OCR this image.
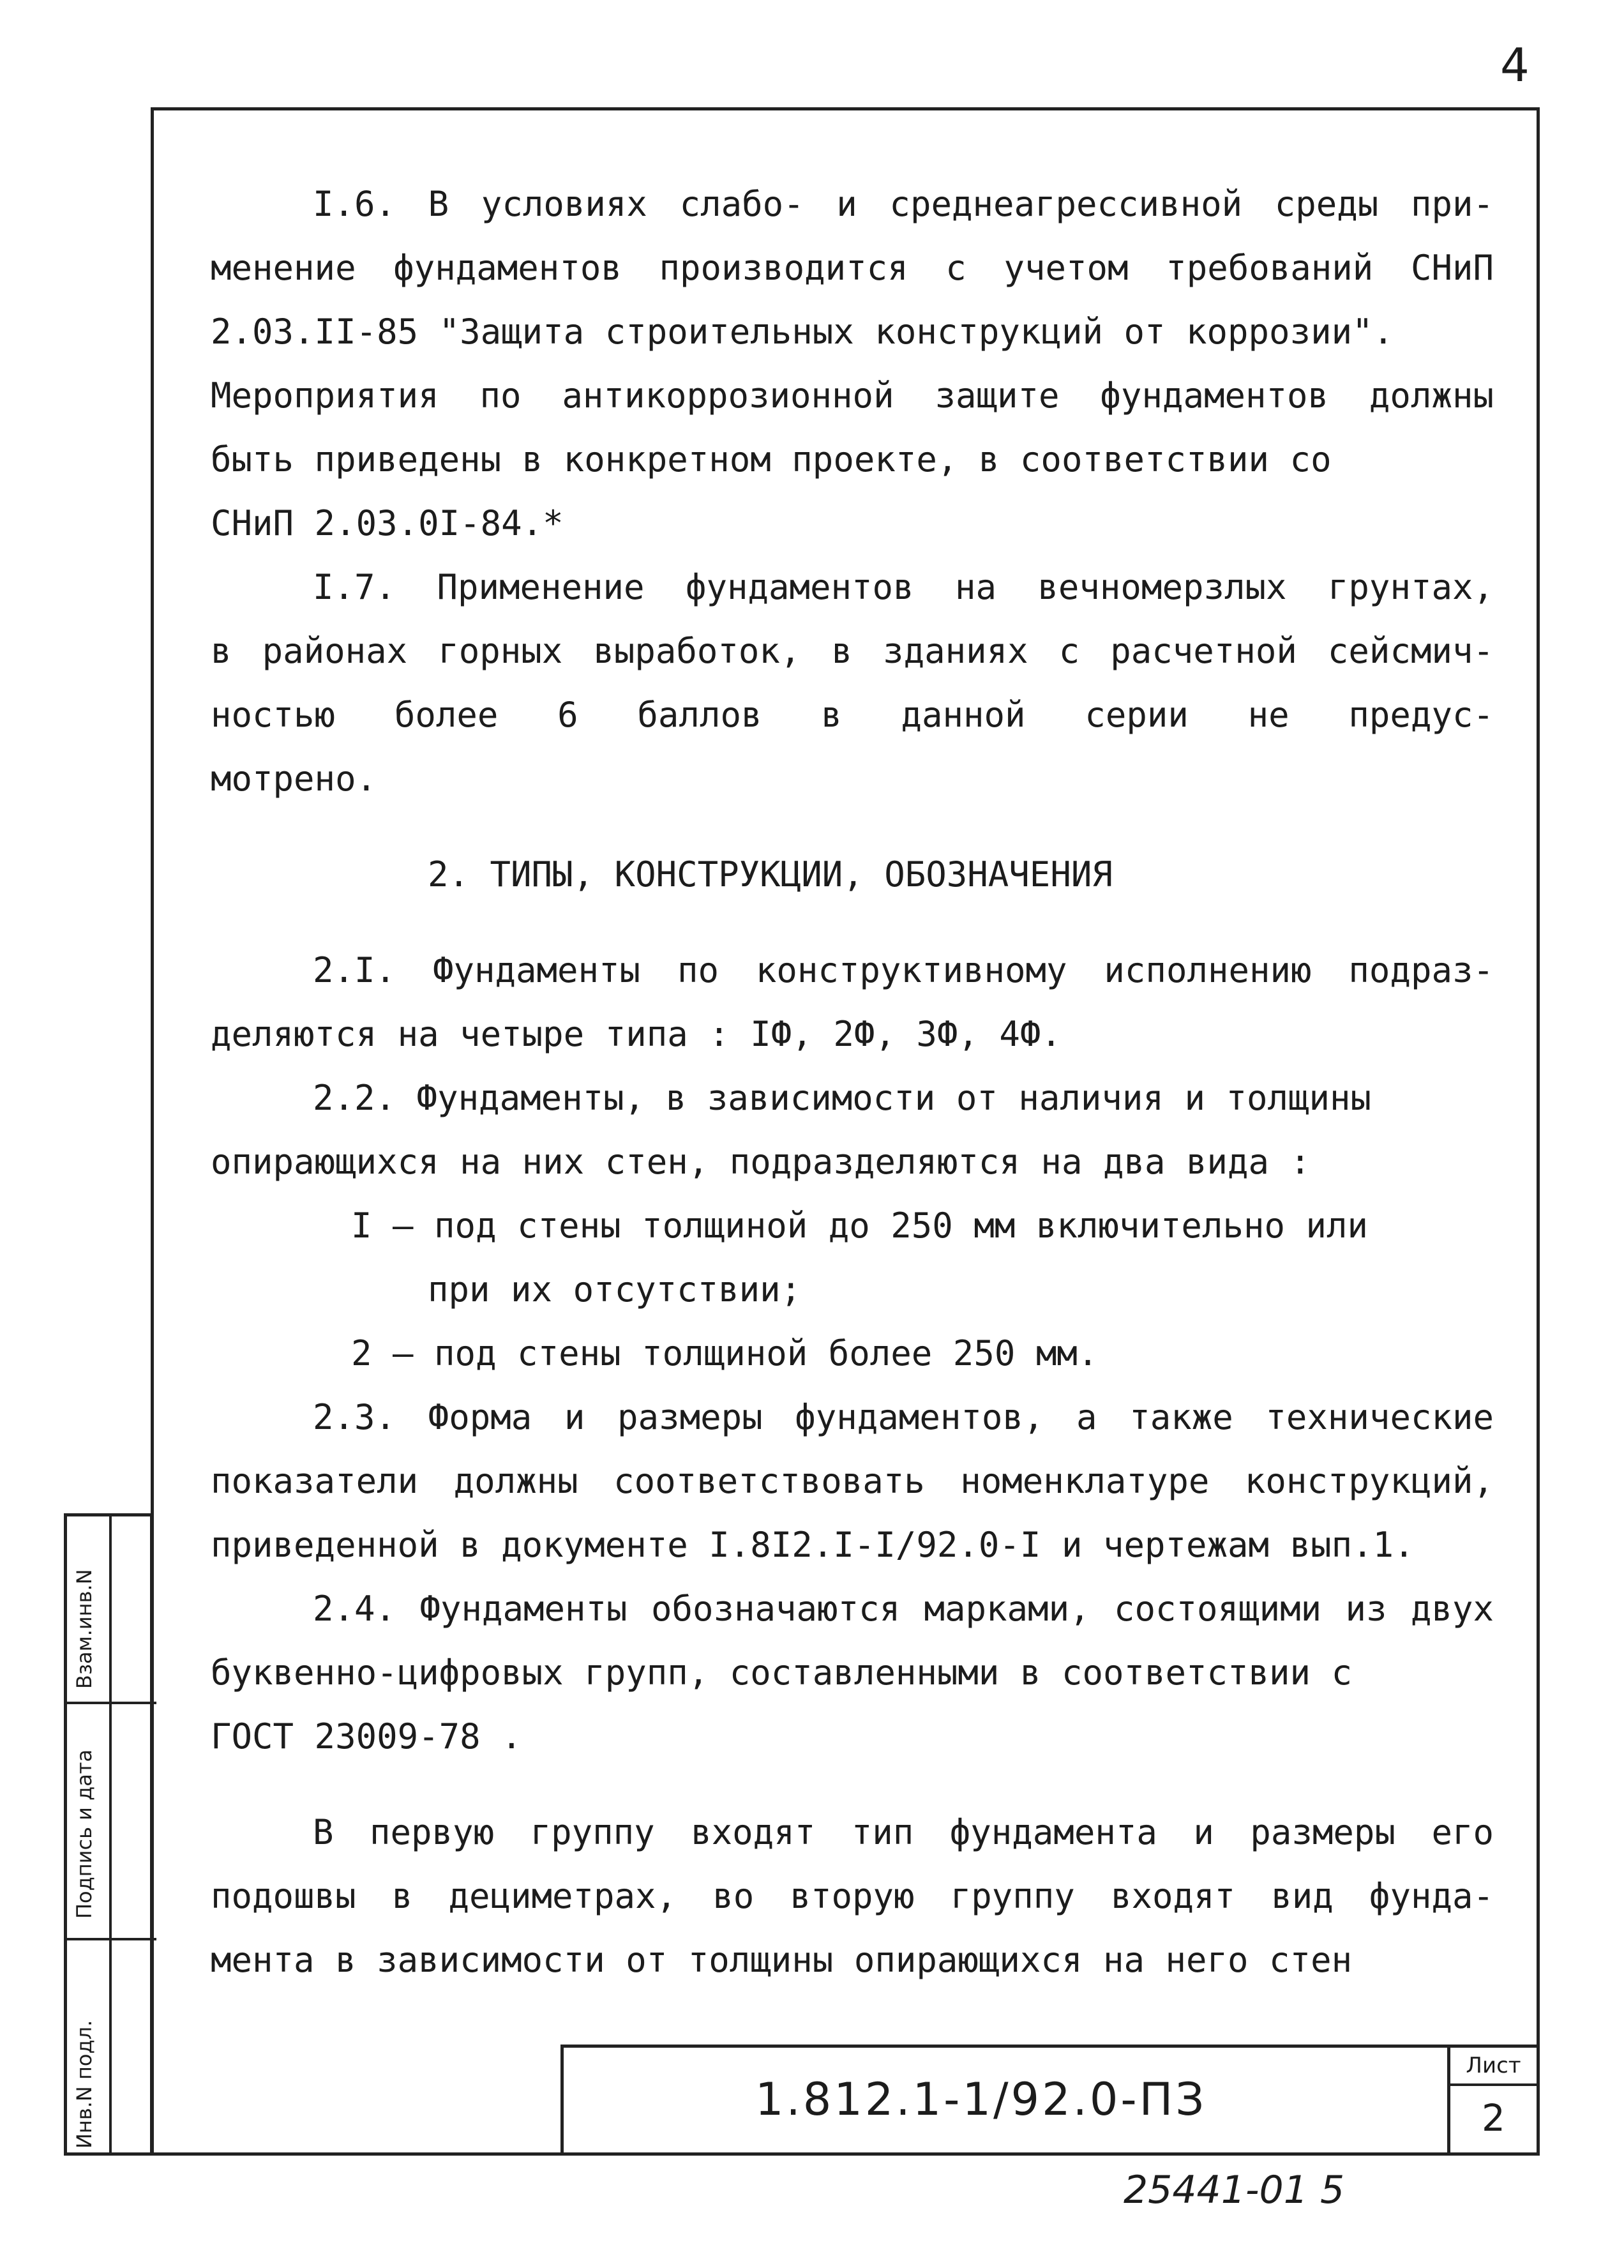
4
I.6. В условиях слабо- и среднеагрессивной среды при-
менение фундаментов производится с учетом требований СНиП
2.03.II-85 "Защита строительных конструкций от коррозии".
Мероприятия по антикоррозионной защите фундаментов должны
быть приведены в конкретном проекте, в соответствии со
СНиП 2.03.0I-84.*
I.7. Применение фундаментов на вечномерзлых грунтах,
в районах горных выработок, в зданиях с расчетной сейсмич-
ностью более 6 баллов в данной серии не предус-
мотрено.
2. ТИПЫ, КОНСТРУКЦИИ, ОБОЗНАЧЕНИЯ
2.I. Фундаменты по конструктивному исполнению подраз-
деляются на четыре типа : IФ, 2Ф, 3Ф, 4Ф.
2.2. Фундаменты, в зависимости от наличия и толщины
опирающихся на них стен, подразделяются на два вида :
I – под стены толщиной до 250 мм включительно или
при их отсутствии;
2 – под стены толщиной более 250 мм.
2.3. Форма и размеры фундаментов, а также технические
показатели должны соответствовать номенклатуре конструкций,
приведенной в документе I.8I2.I-I/92.0-I и чертежам вып.1.
2.4. Фундаменты обозначаются марками, состоящими из двух
буквенно-цифровых групп, составленными в соответствии с
ГОСТ 23009-78 .
В первую группу входят тип фундамента и размеры его
подошвы в дециметрах, во вторую группу входят вид фунда-
мента в зависимости от толщины опирающихся на него стен
Взам.инв.N
Подпись и дата
Инв.N подл.	1.812.1-1/92.0-ПЗ
Лист
2
25441-01 5
